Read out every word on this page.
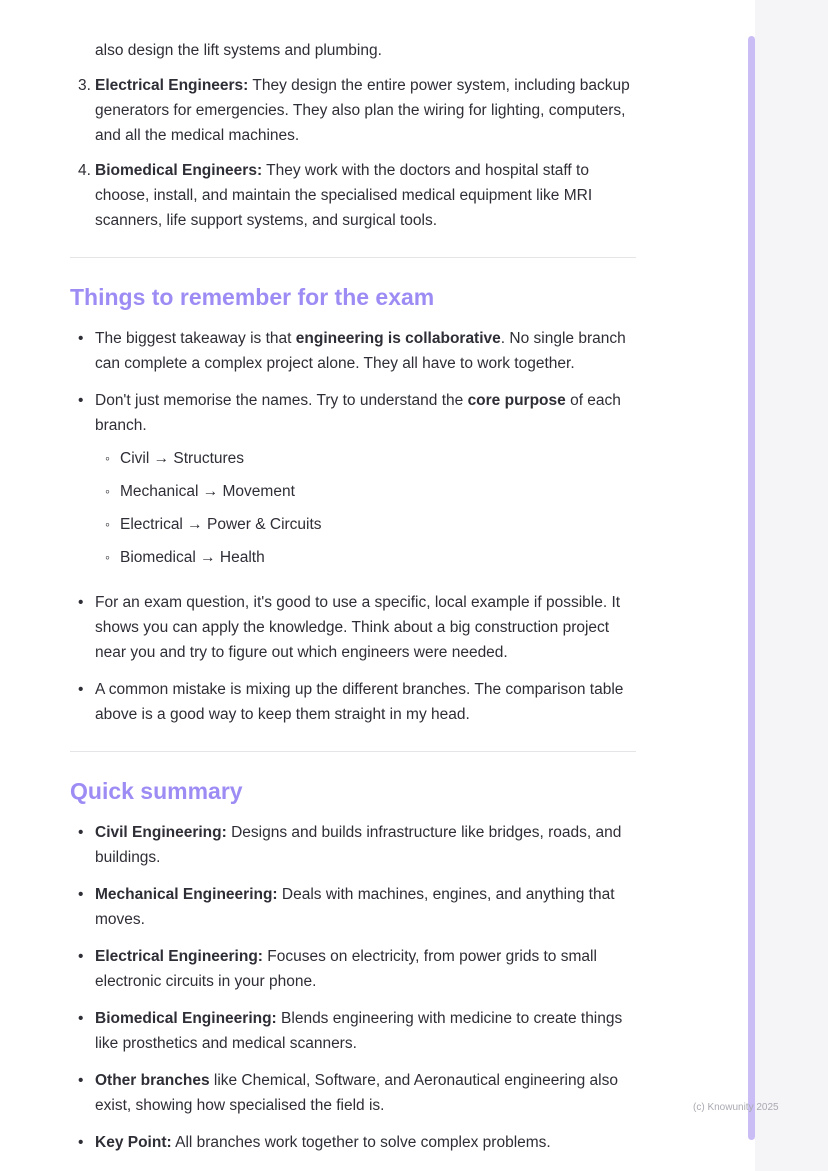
also design the lift systems and plumbing.

3. Electrical Engineers: They design the entire power system, including backup generators for emergencies. They also plan the wiring for lighting, computers, and all the medical machines.
4. Biomedical Engineers: They work with the doctors and hospital staff to choose, install, and maintain the specialised medical equipment like MRI scanners, life support systems, and surgical tools.
Things to remember for the exam
•
The biggest takeaway is that engineering is collaborative. No single branch can complete a complex project alone. They all have to work together.
•
Don't just memorise the names. Try to understand the core purpose of each branch.
◦
Civil → Structures
◦
Mechanical → Movement
◦
Electrical → Power & Circuits
◦
Biomedical → Health
•
For an exam question, it's good to use a specific, local example if possible. It shows you can apply the knowledge. Think about a big construction project near you and try to figure out which engineers were needed.
•
A common mistake is mixing up the different branches. The comparison table above is a good way to keep them straight in my head.
Quick summary
•
Civil Engineering: Designs and builds infrastructure like bridges, roads, and buildings.
•
Mechanical Engineering: Deals with machines, engines, and anything that moves.
•
Electrical Engineering: Focuses on electricity, from power grids to small electronic circuits in your phone.
•
Biomedical Engineering: Blends engineering with medicine to create things like prosthetics and medical scanners.
•
Other branches like Chemical, Software, and Aeronautical engineering also exist, showing how specialised the field is.
•
Key Point: All branches work together to solve complex problems.
(c) Knowunity 2025
